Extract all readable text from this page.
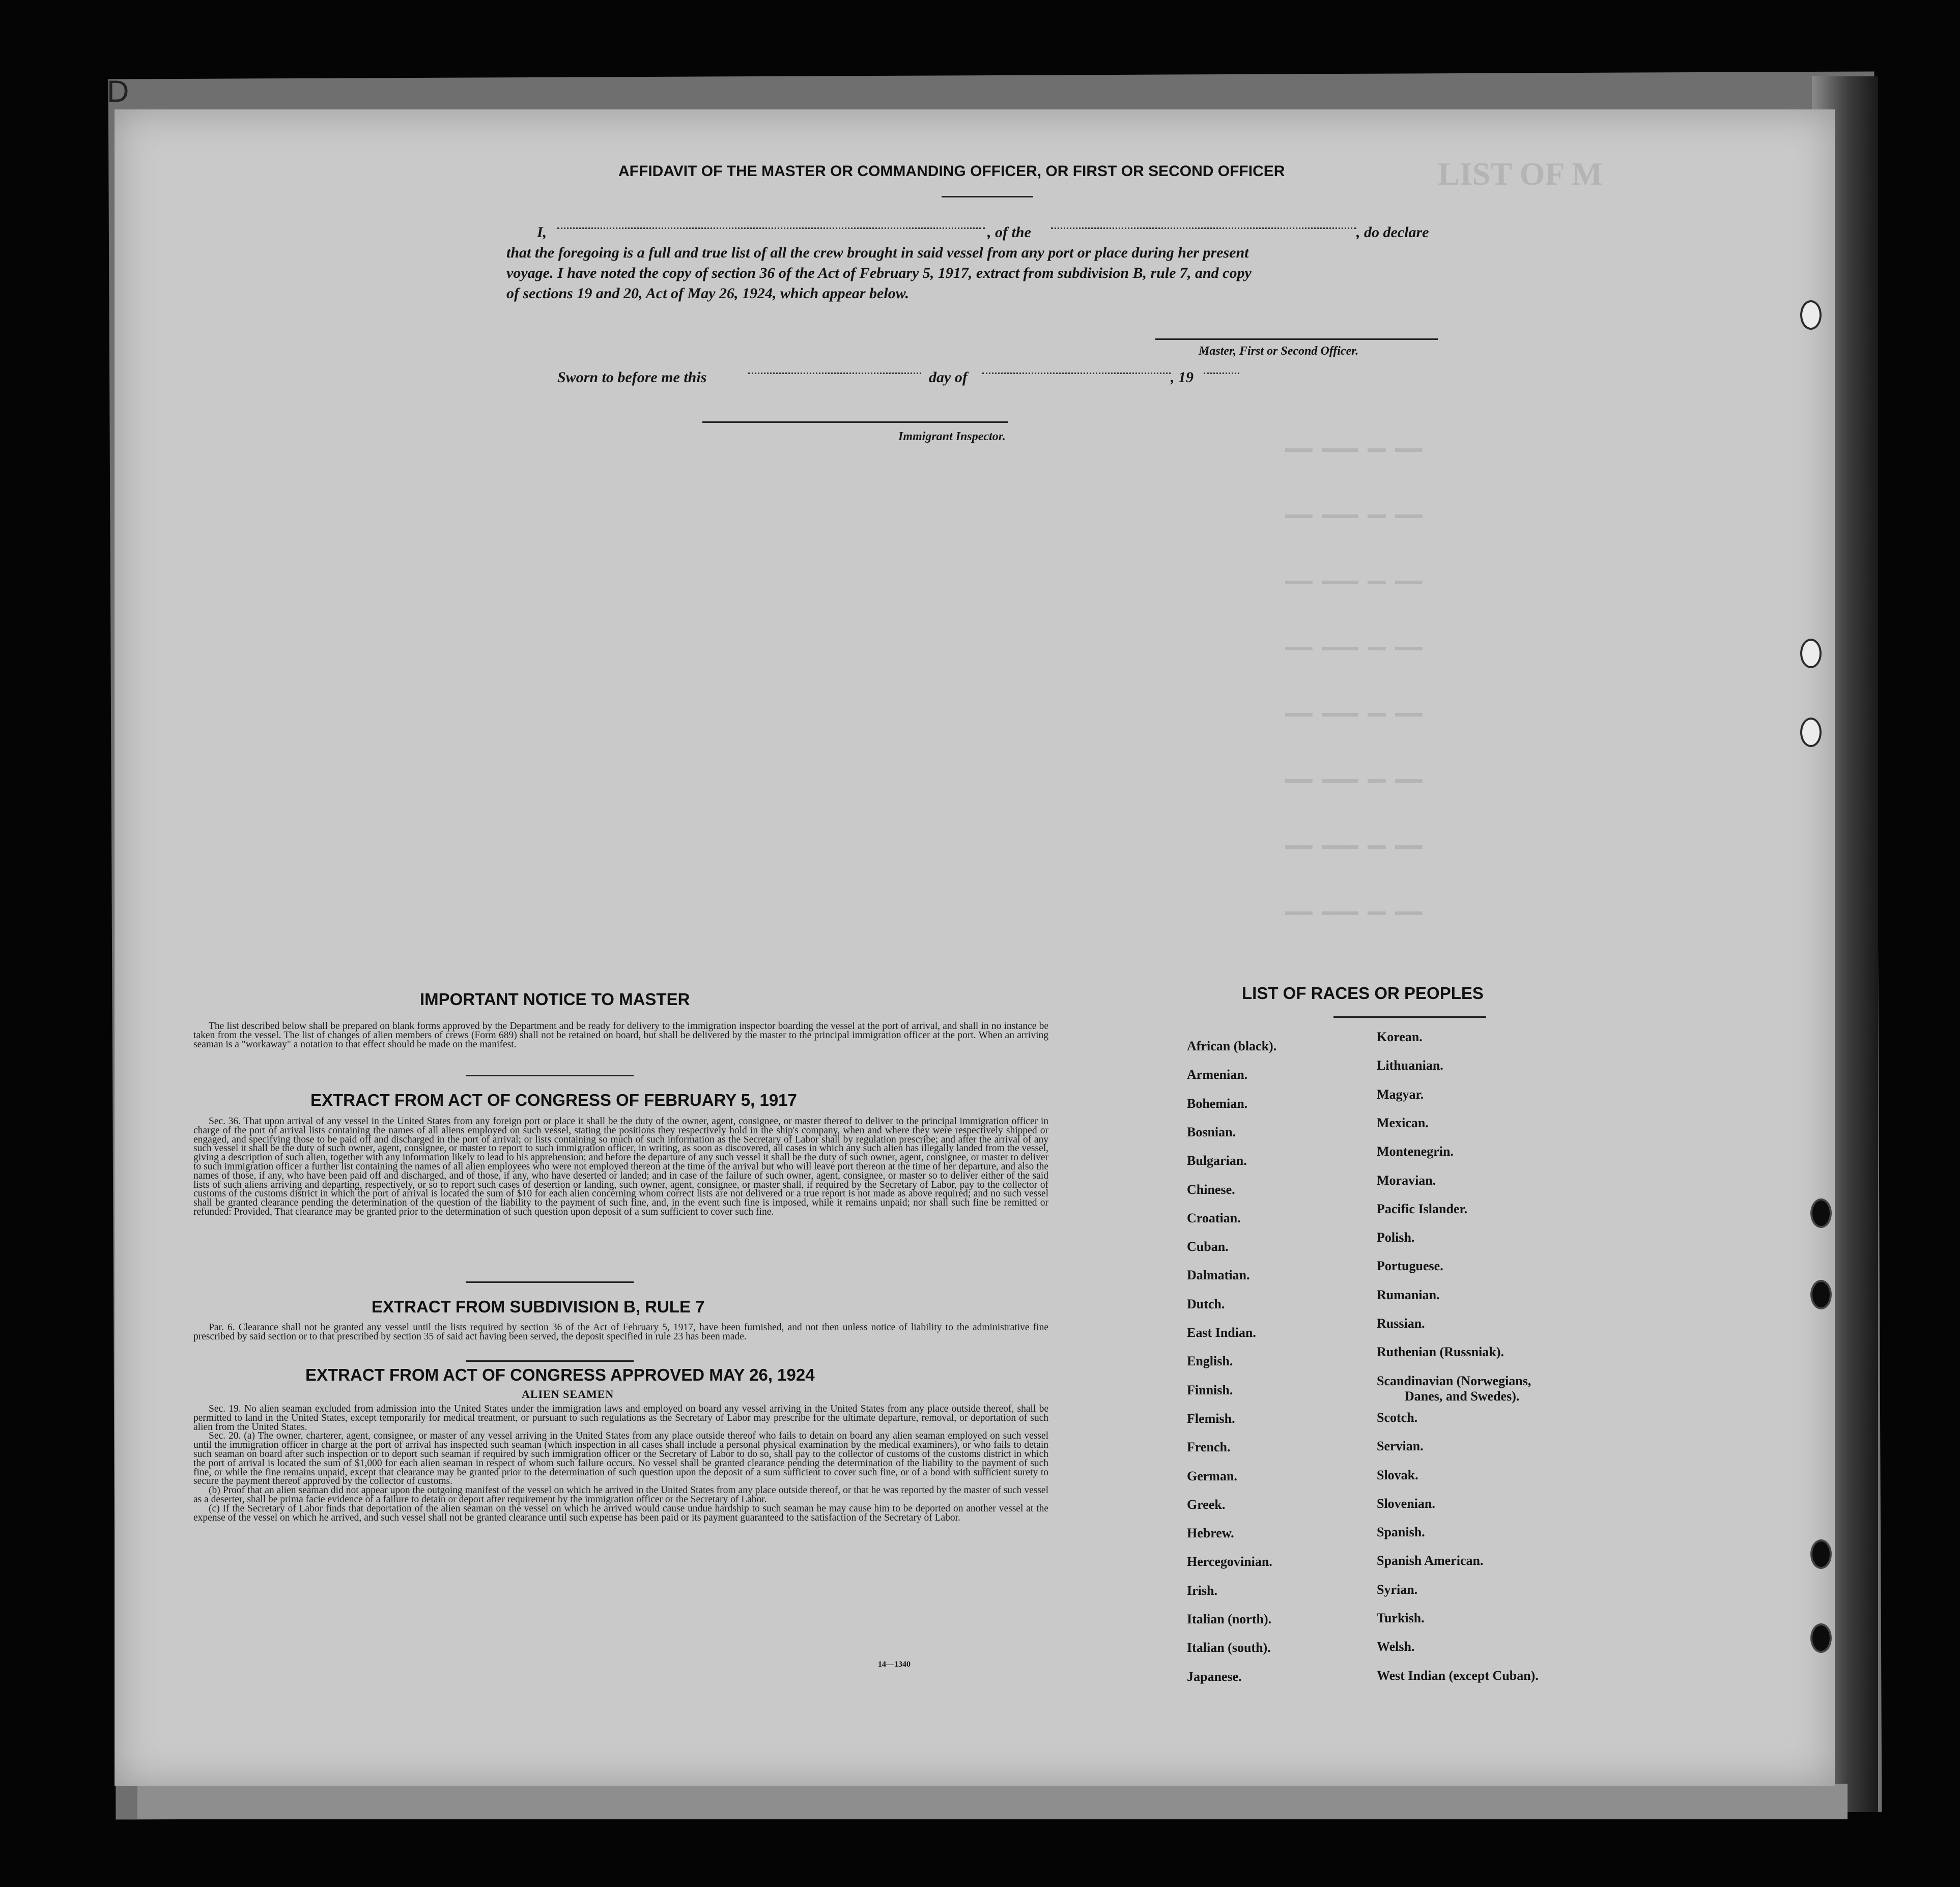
LIST OF M
▬▬▬ ▬▬▬▬ ▬▬ ▬▬▬
▬▬▬ ▬▬▬▬ ▬▬ ▬▬▬
▬▬▬ ▬▬▬▬ ▬▬ ▬▬▬
▬▬▬ ▬▬▬▬ ▬▬ ▬▬▬
▬▬▬ ▬▬▬▬ ▬▬ ▬▬▬
▬▬▬ ▬▬▬▬ ▬▬ ▬▬▬
▬▬▬ ▬▬▬▬ ▬▬ ▬▬▬
▬▬▬ ▬▬▬▬ ▬▬ ▬▬▬
D
AFFIDAVIT OF THE MASTER OR COMMANDING OFFICER, OR FIRST OR SECOND OFFICER
I,	, of the	, do declare
that the foregoing is a full and true list of all the crew brought in said vessel from any port or place during her present
voyage. I have noted the copy of section 36 of the Act of February 5, 1917, extract from subdivision B, rule 7, and copy
of sections 19 and 20, Act of May 26, 1924, which appear below.
Master, First or Second Officer.
Sworn to before me this	day of	, 19
Immigrant Inspector.
IMPORTANT NOTICE TO MASTER

The list described below shall be prepared on blank forms approved by the Department and be ready for delivery to the immigration inspector boarding the vessel at the port of arrival, and shall in no instance be taken from the vessel. The list of changes of alien members of crews (Form 689) shall not be retained on board, but shall be delivered by the master to the principal immigration officer at the port. When an arriving seaman is a "workaway" a notation to that effect should be made on the manifest.

EXTRACT FROM ACT OF CONGRESS OF FEBRUARY 5, 1917

Sec. 36. That upon arrival of any vessel in the United States from any foreign port or place it shall be the duty of the owner, agent, consignee, or master thereof to deliver to the principal immigration officer in charge of the port of arrival lists containing the names of all aliens employed on such vessel, stating the positions they respectively hold in the ship's company, when and where they were respectively shipped or engaged, and specifying those to be paid off and discharged in the port of arrival; or lists containing so much of such information as the Secretary of Labor shall by regulation prescribe; and after the arrival of any such vessel it shall be the duty of such owner, agent, consignee, or master to report to such immigration officer, in writing, as soon as discovered, all cases in which any such alien has illegally landed from the vessel, giving a description of such alien, together with any information likely to lead to his apprehension; and before the departure of any such vessel it shall be the duty of such owner, agent, consignee, or master to deliver to such immigration officer a further list containing the names of all alien employees who were not employed thereon at the time of the arrival but who will leave port thereon at the time of her departure, and also the names of those, if any, who have been paid off and discharged, and of those, if any, who have deserted or landed; and in case of the failure of such owner, agent, consignee, or master so to deliver either of the said lists of such aliens arriving and departing, respectively, or so to report such cases of desertion or landing, such owner, agent, consignee, or master shall, if required by the Secretary of Labor, pay to the collector of customs of the customs district in which the port of arrival is located the sum of $10 for each alien concerning whom correct lists are not delivered or a true report is not made as above required; and no such vessel shall be granted clearance pending the determination of the question of the liability to the payment of such fine, and, in the event such fine is imposed, while it remains unpaid; nor shall such fine be remitted or refunded: Provided, That clearance may be granted prior to the determination of such question upon deposit of a sum sufficient to cover such fine.

EXTRACT FROM SUBDIVISION B, RULE 7

Par. 6. Clearance shall not be granted any vessel until the lists required by section 36 of the Act of February 5, 1917, have been furnished, and not then unless notice of liability to the administrative fine prescribed by said section or to that prescribed by section 35 of said act having been served, the deposit specified in rule 23 has been made.

EXTRACT FROM ACT OF CONGRESS APPROVED MAY 26, 1924
ALIEN SEAMEN

Sec. 19. No alien seaman excluded from admission into the United States under the immigration laws and employed on board any vessel arriving in the United States from any place outside thereof, shall be permitted to land in the United States, except temporarily for medical treatment, or pursuant to such regulations as the Secretary of Labor may prescribe for the ultimate departure, removal, or deportation of such alien from the United States.

Sec. 20. (a) The owner, charterer, agent, consignee, or master of any vessel arriving in the United States from any place outside thereof who fails to detain on board any alien seaman employed on such vessel until the immigration officer in charge at the port of arrival has inspected such seaman (which inspection in all cases shall include a personal physical examination by the medical examiners), or who fails to detain such seaman on board after such inspection or to deport such seaman if required by such immigration officer or the Secretary of Labor to do so, shall pay to the collector of customs of the customs district in which the port of arrival is located the sum of $1,000 for each alien seaman in respect of whom such failure occurs. No vessel shall be granted clearance pending the determination of the liability to the payment of such fine, or while the fine remains unpaid, except that clearance may be granted prior to the determination of such question upon the deposit of a sum sufficient to cover such fine, or of a bond with sufficient surety to secure the payment thereof approved by the collector of customs.

(b) Proof that an alien seaman did not appear upon the outgoing manifest of the vessel on which he arrived in the United States from any place outside thereof, or that he was reported by the master of such vessel as a deserter, shall be prima facie evidence of a failure to detain or deport after requirement by the immigration officer or the Secretary of Labor.

(c) If the Secretary of Labor finds that deportation of the alien seaman on the vessel on which he arrived would cause undue hardship to such seaman he may cause him to be deported on another vessel at the expense of the vessel on which he arrived, and such vessel shall not be granted clearance until such expense has been paid or its payment guaranteed to the satisfaction of the Secretary of Labor.

14—1340
LIST OF RACES OR PEOPLES
African (black).
Armenian.
Bohemian.
Bosnian.
Bulgarian.
Chinese.
Croatian.
Cuban.
Dalmatian.
Dutch.
East Indian.
English.
Finnish.
Flemish.
French.
German.
Greek.
Hebrew.
Hercegovinian.
Irish.
Italian (north).
Italian (south).
Japanese.
Korean.
Lithuanian.
Magyar.
Mexican.
Montenegrin.
Moravian.
Pacific Islander.
Polish.
Portuguese.
Rumanian.
Russian.
Ruthenian (Russniak).
Scandinavian (Norwegians,
Danes, and Swedes).
Scotch.
Servian.
Slovak.
Slovenian.
Spanish.
Spanish American.
Syrian.
Turkish.
Welsh.
West Indian (except Cuban).
